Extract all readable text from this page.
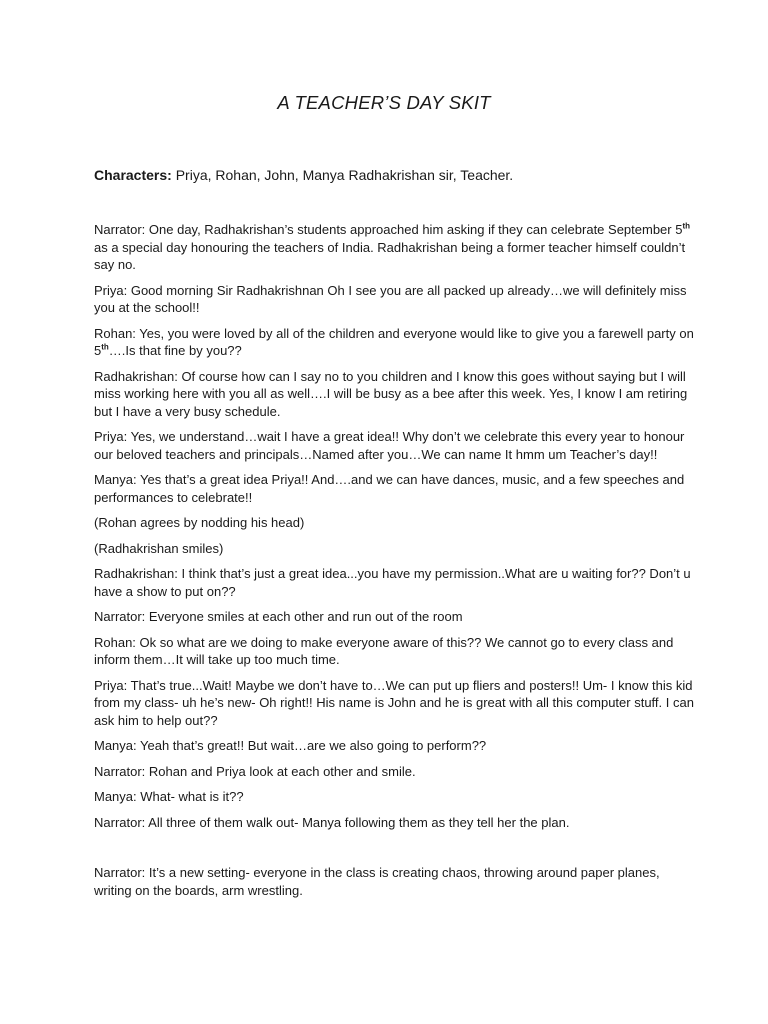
A TEACHER’S DAY SKIT
Characters: Priya, Rohan, John, Manya Radhakrishan sir, Teacher.

Narrator: One day, Radhakrishan’s students approached him asking if they can celebrate September 5th as a special day honouring the teachers of India. Radhakrishan being a former teacher himself couldn’t say no.

Priya: Good morning Sir Radhakrishnan Oh I see you are all packed up already…we will definitely miss you at the school!!

Rohan: Yes, you were loved by all of the children and everyone would like to give you a farewell party on 5th….Is that fine by you??

Radhakrishan: Of course how can I say no to you children and I know this goes without saying but I will miss working here with you all as well….I will be busy as a bee after this week. Yes, I know I am retiring but I have a very busy schedule.

Priya: Yes, we understand…wait I have a great idea!! Why don’t we celebrate this every year to honour our beloved teachers and principals…Named after you…We can name It hmm um Teacher’s day!!

Manya: Yes that’s a great idea Priya!! And….and we can have dances, music, and a few speeches and performances to celebrate!!

(Rohan agrees by nodding his head)

(Radhakrishan smiles)

Radhakrishan: I think that’s just a great idea...you have my permission..What are u waiting for?? Don’t u have a show to put on??

Narrator: Everyone smiles at each other and run out of the room

Rohan: Ok so what are we doing to make everyone aware of this?? We cannot go to every class and inform them…It will take up too much time.

Priya: That’s true...Wait! Maybe we don’t have to…We can put up fliers and posters!! Um- I know this kid from my class- uh he’s new- Oh right!! His name is John and he is great with all this computer stuff. I can ask him to help out??

Manya: Yeah that’s great!! But wait…are we also going to perform??

Narrator: Rohan and Priya look at each other and smile.

Manya: What- what is it??

Narrator: All three of them walk out- Manya following them as they tell her the plan.

Narrator: It’s a new setting- everyone in the class is creating chaos, throwing around paper planes, writing on the boards, arm wrestling.
